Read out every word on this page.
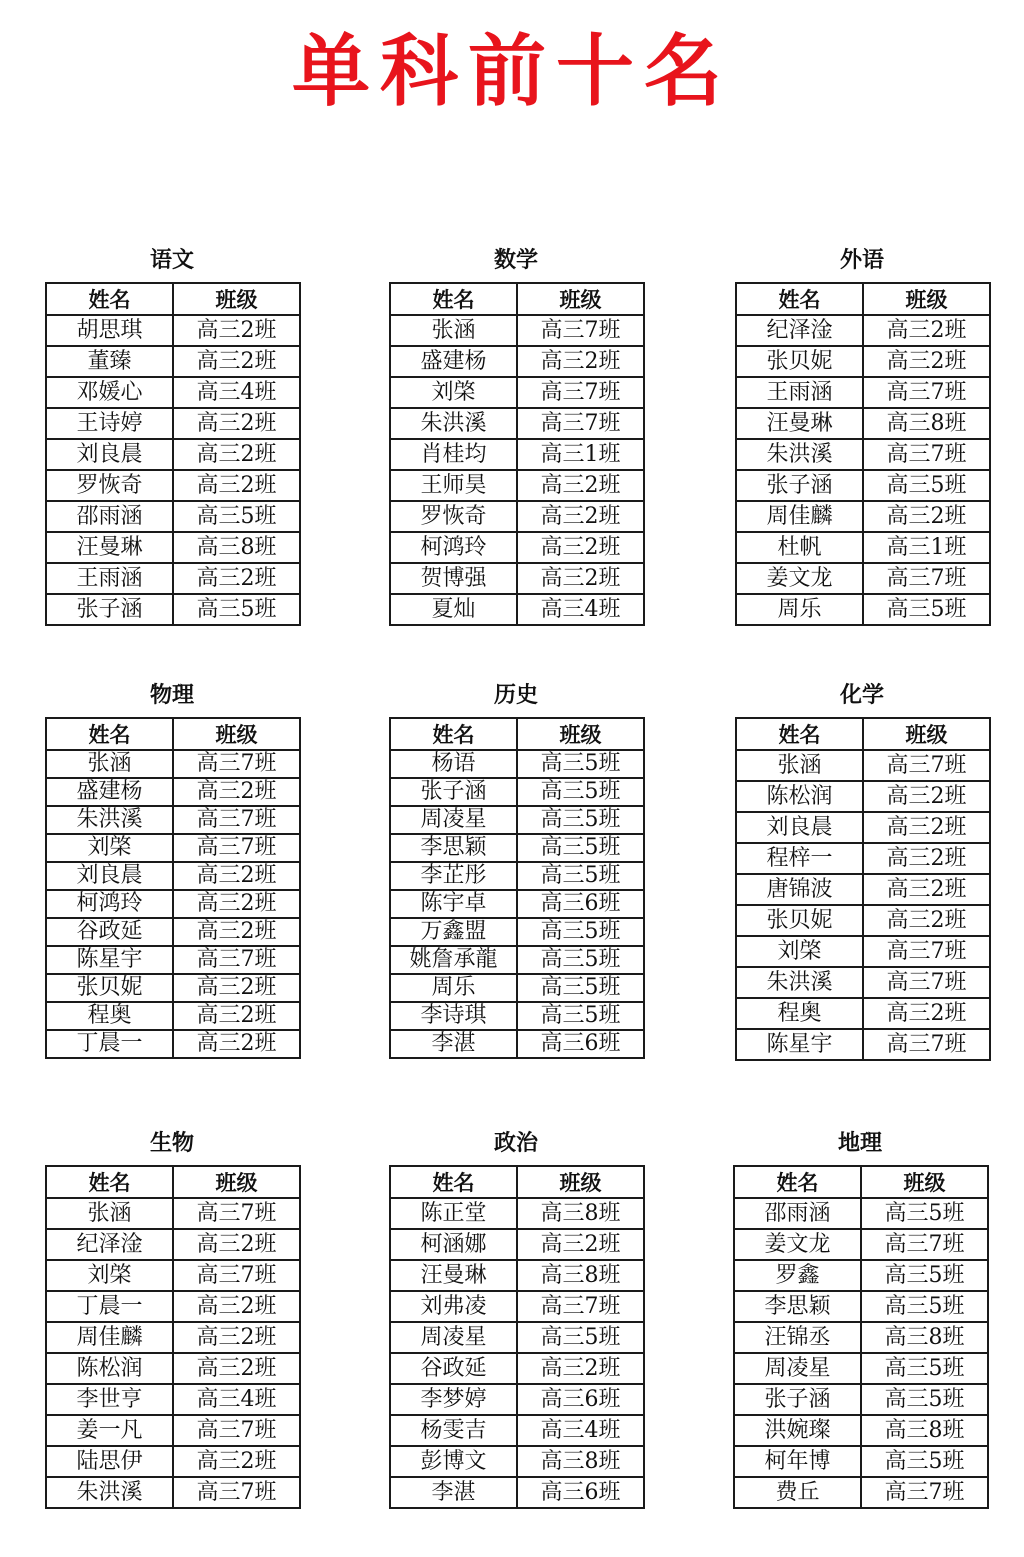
单科前十名
语文
姓名	班级
胡思琪	高三2班
董臻	高三2班
邓媛心	高三4班
王诗婷	高三2班
刘良晨	高三2班
罗恢奇	高三2班
邵雨涵	高三5班
汪曼琳	高三8班
王雨涵	高三2班
张子涵	高三5班
数学
姓名	班级
张涵	高三7班
盛建杨	高三2班
刘棨	高三7班
朱洪溪	高三7班
肖桂均	高三1班
王师昊	高三2班
罗恢奇	高三2班
柯鸿玲	高三2班
贺博强	高三2班
夏灿	高三4班
外语
姓名	班级
纪泽淦	高三2班
张贝妮	高三2班
王雨涵	高三7班
汪曼琳	高三8班
朱洪溪	高三7班
张子涵	高三5班
周佳麟	高三2班
杜帆	高三1班
姜文龙	高三7班
周乐	高三5班
物理
姓名	班级
张涵	高三7班
盛建杨	高三2班
朱洪溪	高三7班
刘棨	高三7班
刘良晨	高三2班
柯鸿玲	高三2班
谷政延	高三2班
陈星宇	高三7班
张贝妮	高三2班
程奥	高三2班
丁晨一	高三2班
历史
姓名	班级
杨语	高三5班
张子涵	高三5班
周凌星	高三5班
李思颖	高三5班
李芷彤	高三5班
陈宇卓	高三6班
万鑫盟	高三5班
姚詹承龍	高三5班
周乐	高三5班
李诗琪	高三5班
李湛	高三6班
化学
姓名	班级
张涵	高三7班
陈松润	高三2班
刘良晨	高三2班
程梓一	高三2班
唐锦波	高三2班
张贝妮	高三2班
刘棨	高三7班
朱洪溪	高三7班
程奥	高三2班
陈星宇	高三7班
生物
姓名	班级
张涵	高三7班
纪泽淦	高三2班
刘棨	高三7班
丁晨一	高三2班
周佳麟	高三2班
陈松润	高三2班
李世亨	高三4班
姜一凡	高三7班
陆思伊	高三2班
朱洪溪	高三7班
政治
姓名	班级
陈正堂	高三8班
柯涵娜	高三2班
汪曼琳	高三8班
刘弗凌	高三7班
周凌星	高三5班
谷政延	高三2班
李梦婷	高三6班
杨雯吉	高三4班
彭博文	高三8班
李湛	高三6班
地理
姓名	班级
邵雨涵	高三5班
姜文龙	高三7班
罗鑫	高三5班
李思颖	高三5班
汪锦丞	高三8班
周凌星	高三5班
张子涵	高三5班
洪婉璨	高三8班
柯年博	高三5班
费丘	高三7班
